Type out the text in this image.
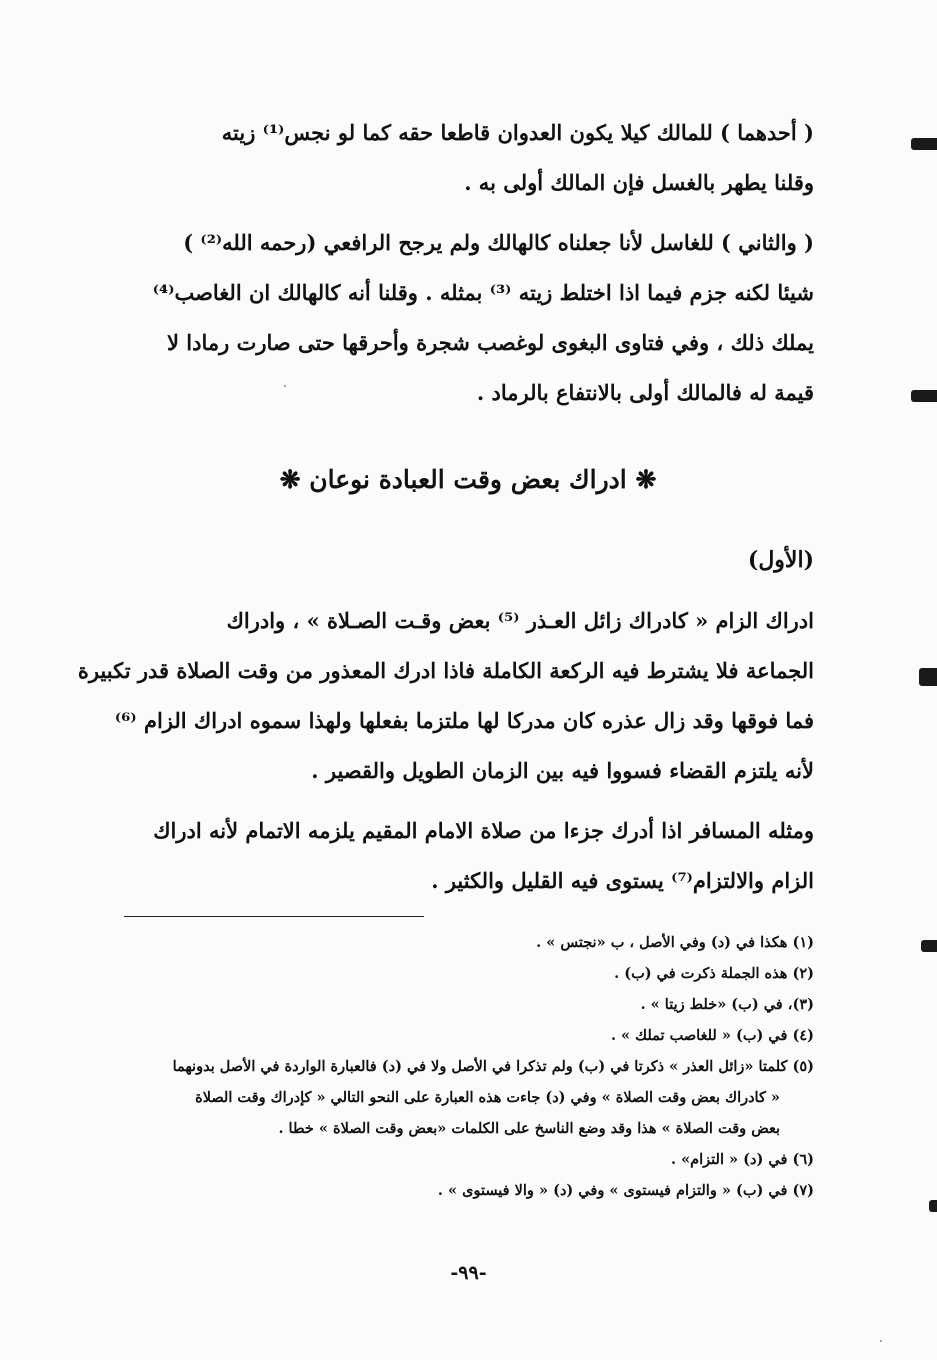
( أحدهما ) للمالك كيلا يكون العدوان قاطعا حقه كما لو نجس⁽¹⁾ زيته
وقلنا يطهر بالغسل فإن المالك أولى به .
( والثاني ) للغاسل لأنا جعلناه كالهالك ولم يرجح الرافعي (رحمه الله⁽²⁾ )
شيئا لكنه جزم فيما اذا اختلط زيته ⁽³⁾ بمثله . وقلنا أنه كالهالك ان الغاصب⁽⁴⁾
يملك ذلك ، وفي فتاوى البغوى لوغصب شجرة وأحرقها حتى صارت رمادا لا
قيمة له فالمالك أولى بالانتفاع بالرماد .
❋ ادراك بعض وقت العبادة نوعان ❋
(الأول)
ادراك الزام « كادراك زائل العـذر ⁽⁵⁾ بعض وقـت الصـلاة » ، وادراك
الجماعة فلا يشترط فيه الركعة الكاملة فاذا ادرك المعذور من وقت الصلاة قدر تكبيرة
فما فوقها وقد زال عذره كان مدركا لها ملتزما بفعلها ولهذا سموه ادراك الزام ⁽⁶⁾
لأنه يلتزم القضاء فسووا فيه بين الزمان الطويل والقصير .
ومثله المسافر اذا أدرك جزءا من صلاة الامام المقيم يلزمه الاتمام لأنه ادراك
الزام والالتزام⁽⁷⁾ يستوى فيه القليل والكثير .
(١) هكذا في (د) وفي الأصل ، ب «نجتس » .
(٢) هذه الجملة ذكرت في (ب) .
(٣)، في (ب) «خلط زيتا » .
(٤) في (ب) « للغاصب تملك » .
(٥) كلمتا «زائل العذر » ذكرتا في (ب) ولم تذكرا في الأصل ولا في (د) فالعبارة الواردة في الأصل بدونهما
« كادراك بعض وقت الصلاة » وفي (د) جاءت هذه العبارة على النحو التالي « كإدراك وقت الصلاة
بعض وقت الصلاة » هذا وقد وضع الناسخ على الكلمات «بعض وقت الصلاة » خطا .
(٦) في (د) « التزام» .
(٧) في (ب) « والتزام فيستوى » وفي (د) « والا فيستوى » .
-٩٩-
